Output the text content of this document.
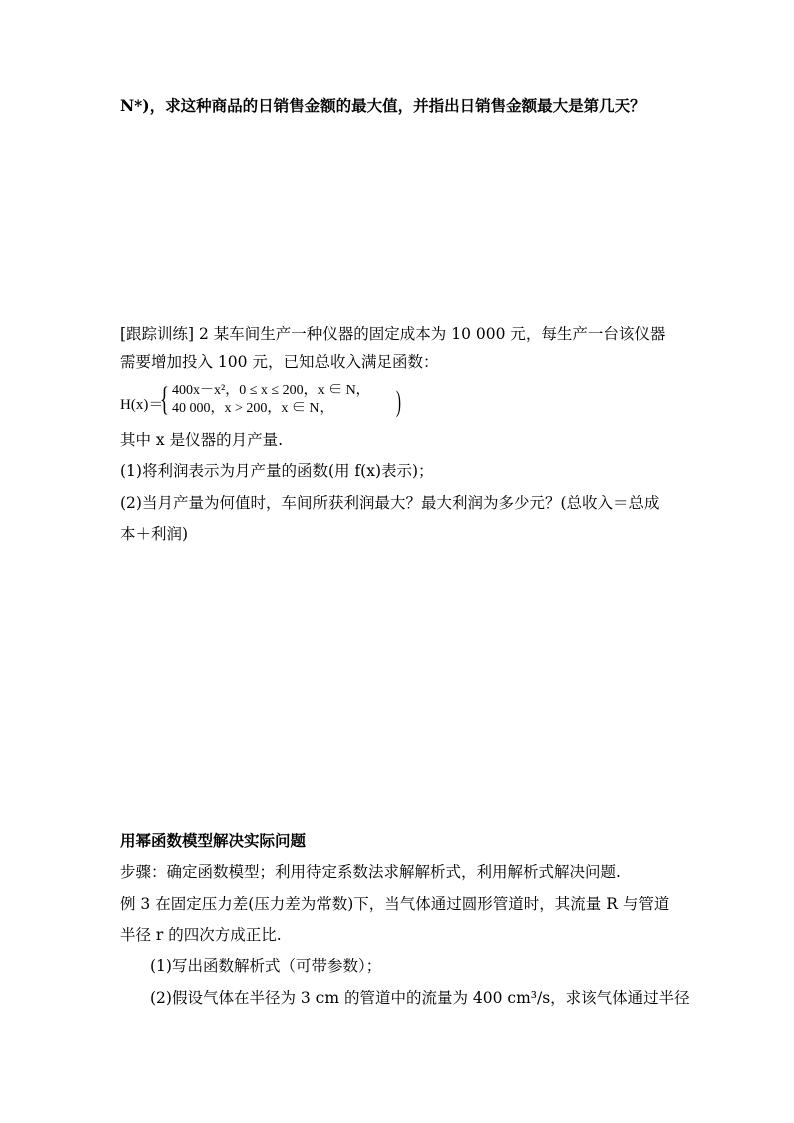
N*)，求这种商品的日销售金额的最大值，并指出日销售金额最大是第几天？
[跟踪训练] 2 某车间生产一种仪器的固定成本为 10 000 元，每生产一台该仪器
需要增加投入 100 元，已知总收入满足函数：
H(x)＝
{ 400x－x²，0 ≤ x ≤ 200，x ∈ N，
40 000，x > 200，x ∈ N， )
其中 x 是仪器的月产量.
(1)将利润表示为月产量的函数(用 f(x)表示)；
(2)当月产量为何值时，车间所获利润最大？最大利润为多少元？(总收入＝总成
本＋利润)
用幂函数模型解决实际问题
步骤：确定函数模型；利用待定系数法求解解析式，利用解析式解决问题.
例 3 在固定压力差(压力差为常数)下，当气体通过圆形管道时，其流量 R 与管道
半径 r 的四次方成正比.
(1)写出函数解析式（可带参数）；
(2)假设气体在半径为 3 cm 的管道中的流量为 400 cm³/s，求该气体通过半径
